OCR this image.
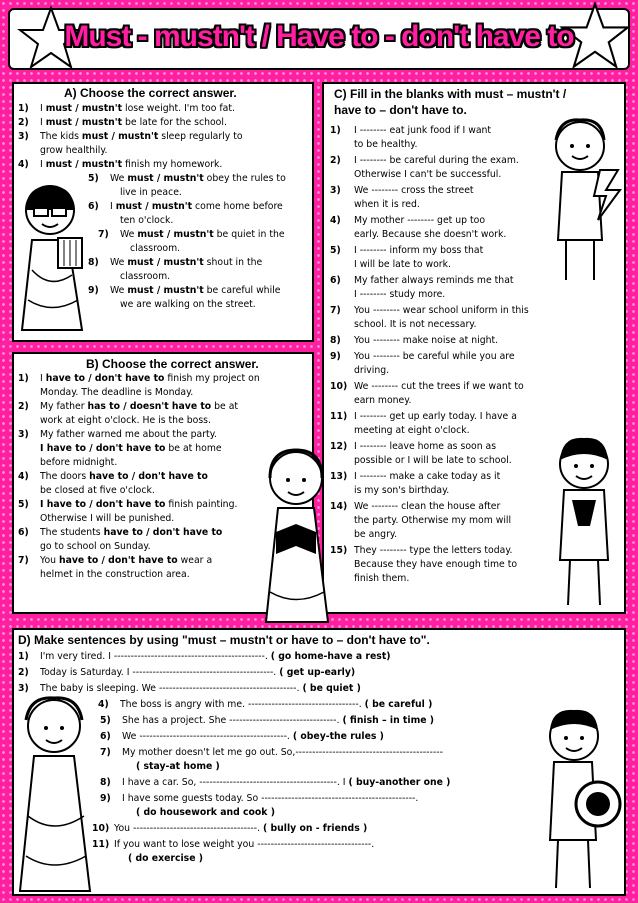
Must - mustn't / Have to - don't have to
A) Choose the correct answer.
1) I must / mustn't lose weight. I'm too fat.
2) I must / mustn't be late for the school.
3) The kids must / mustn't sleep regularly to
grow healthily.
4) I must / mustn't finish my homework.
5) We must / mustn't obey the rules to
live in peace.
6) I must / mustn't come home before
ten o'clock.
7) We must / mustn't be quiet in the
classroom.
8) We must / mustn't shout in the
classroom.
9) We must / mustn't be careful while
we are walking on the street.
B) Choose the correct answer.
1) I have to / don't have to finish my project on
Monday. The deadline is Monday.
2) My father has to / doesn't have to be at
work at eight o'clock. He is the boss.
3) My father warned me about the party.
I have to / don't have to be at home
before midnight.
4) The doors have to / don't have to
be closed at five o'clock.
5) I have to / don't have to finish painting.
Otherwise I will be punished.
6) The students have to / don't have to
go to school on Sunday.
7) You have to / don't have to wear a
helmet in the construction area.
C) Fill in the blanks with must – mustn't /
have to – don't have to.
1) I -------- eat junk food if I want
to be healthy.
2) I -------- be careful during the exam.
Otherwise I can't be successful.
3) We -------- cross the street
when it is red.
4) My mother -------- get up too
early. Because she doesn't work.
5) I -------- inform my boss that
I will be late to work.
6) My father always reminds me that
I -------- study more.
7) You -------- wear school uniform in this
school. It is not necessary.
8) You -------- make noise at night.
9) You -------- be careful while you are
driving.
10) We -------- cut the trees if we want to
earn money.
11) I -------- get up early today. I have a
meeting at eight o'clock.
12) I -------- leave home as soon as
possible or I will be late to school.
13) I -------- make a cake today as it
is my son's birthday.
14) We -------- clean the house after
the party. Otherwise my mom will
be angry.
15) They -------- type the letters today.
Because they have enough time to
finish them.
D) Make sentences by using "must – mustn't or have to – don't have to".
1) I'm very tired. I ---------------------------------------------. ( go home-have a rest)
2) Today is Saturday. I ------------------------------------------. ( get up-early)
3) The baby is sleeping. We -----------------------------------------. ( be quiet )
4) The boss is angry with me. ---------------------------------. ( be careful )
5) She has a project. She --------------------------------. ( finish – in time )
6) We --------------------------------------------. ( obey-the rules )
7) My mother doesn't let me go out. So,--------------------------------------------
( stay-at home )
8) I have a car. So, -----------------------------------------. I ( buy-another one )
9) I have some guests today. So ----------------------------------------------.
( do housework and cook )
10) You -------------------------------------. ( bully on - friends )
11) If you want to lose weight you ----------------------------------.
( do exercise )
